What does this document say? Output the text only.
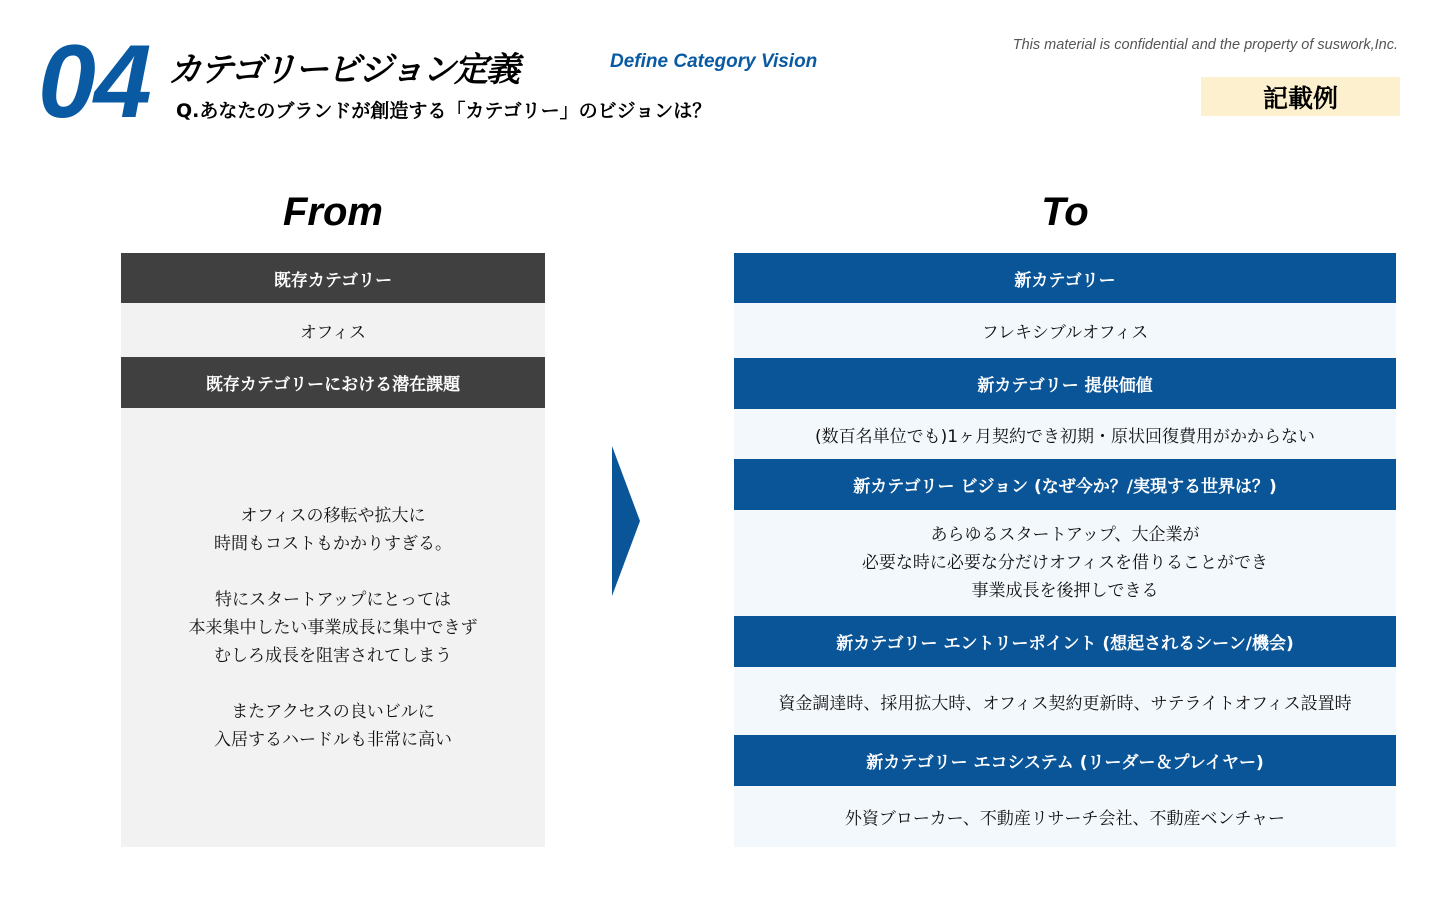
04 カテゴリービジョン定義	Define Category Vision
Q.あなたのブランドが創造する「カテゴリー」のビジョンは？
This material is confidential and the property of suswork,Inc.
記載例
From
既存カテゴリー
オフィス
既存カテゴリーにおける潜在課題

オフィスの移転や拡大に

時間もコストもかかりすぎる。

特にスタートアップにとっては

本来集中したい事業成長に集中できず

むしろ成長を阻害されてしまう

またアクセスの良いビルに

入居するハードルも非常に高い

To
新カテゴリー
フレキシブルオフィス
新カテゴリー 提供価値
(数百名単位でも)1ヶ月契約でき初期・原状回復費用がかからない
新カテゴリー ビジョン (なぜ今か？/実現する世界は？)

あらゆるスタートアップ、大企業が

必要な時に必要な分だけオフィスを借りることができ

事業成長を後押しできる

新カテゴリー エントリーポイント (想起されるシーン/機会)
資金調達時、採用拡大時、オフィス契約更新時、サテライトオフィス設置時
新カテゴリー エコシステム (リーダー＆プレイヤー)
外資ブローカー、不動産リサーチ会社、不動産ベンチャー
